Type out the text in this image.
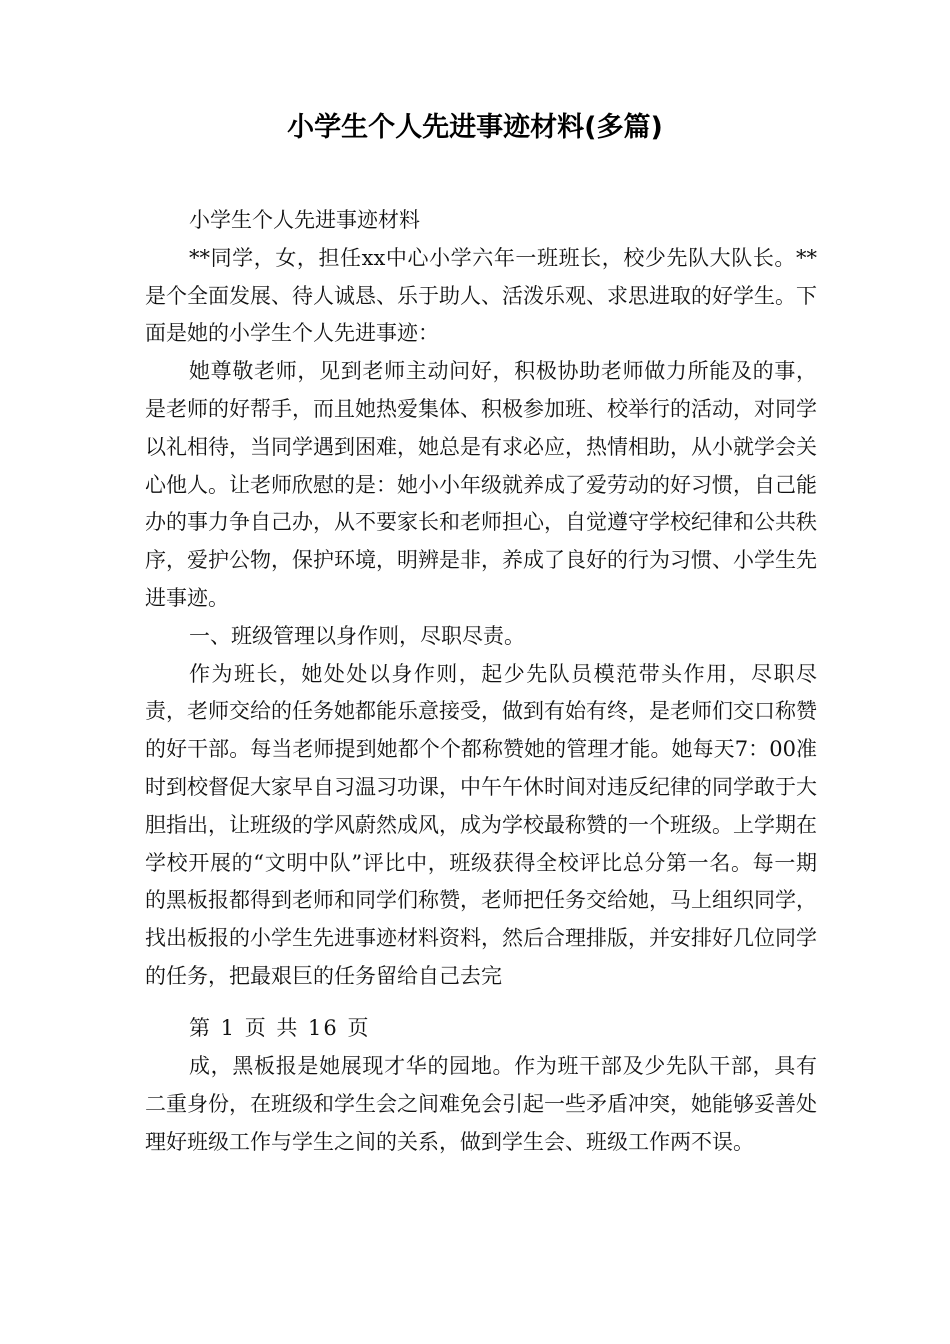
小学生个人先进事迹材料(多篇)

小学生个人先进事迹材料

**同学，女，担任xx中心小学六年一班班长，校少先队大队长。**是个全面发展、待人诚恳、乐于助人、活泼乐观、求思进取的好学生。下面是她的小学生个人先进事迹：

她尊敬老师，见到老师主动问好，积极协助老师做力所能及的事，是老师的好帮手，而且她热爱集体、积极参加班、校举行的活动，对同学以礼相待，当同学遇到困难，她总是有求必应，热情相助，从小就学会关心他人。让老师欣慰的是：她小小年级就养成了爱劳动的好习惯，自己能办的事力争自己办，从不要家长和老师担心，自觉遵守学校纪律和公共秩序，爱护公物，保护环境，明辨是非，养成了良好的行为习惯、小学生先进事迹。

一、班级管理以身作则，尽职尽责。

作为班长，她处处以身作则，起少先队员模范带头作用，尽职尽责，老师交给的任务她都能乐意接受，做到有始有终，是老师们交口称赞的好干部。每当老师提到她都个个都称赞她的管理才能。她每天7：00准时到校督促大家早自习温习功课，中午午休时间对违反纪律的同学敢于大胆指出，让班级的学风蔚然成风，成为学校最称赞的一个班级。上学期在学校开展的“文明中队”评比中，班级获得全校评比总分第一名。每一期的黑板报都得到老师和同学们称赞，老师把任务交给她，马上组织同学，找出板报的小学生先进事迹材料资料，然后合理排版，并安排好几位同学的任务，把最艰巨的任务留给自己去完

第 1 页 共 16 页

成，黑板报是她展现才华的园地。作为班干部及少先队干部，具有二重身份，在班级和学生会之间难免会引起一些矛盾冲突，她能够妥善处理好班级工作与学生之间的关系，做到学生会、班级工作两不误。
